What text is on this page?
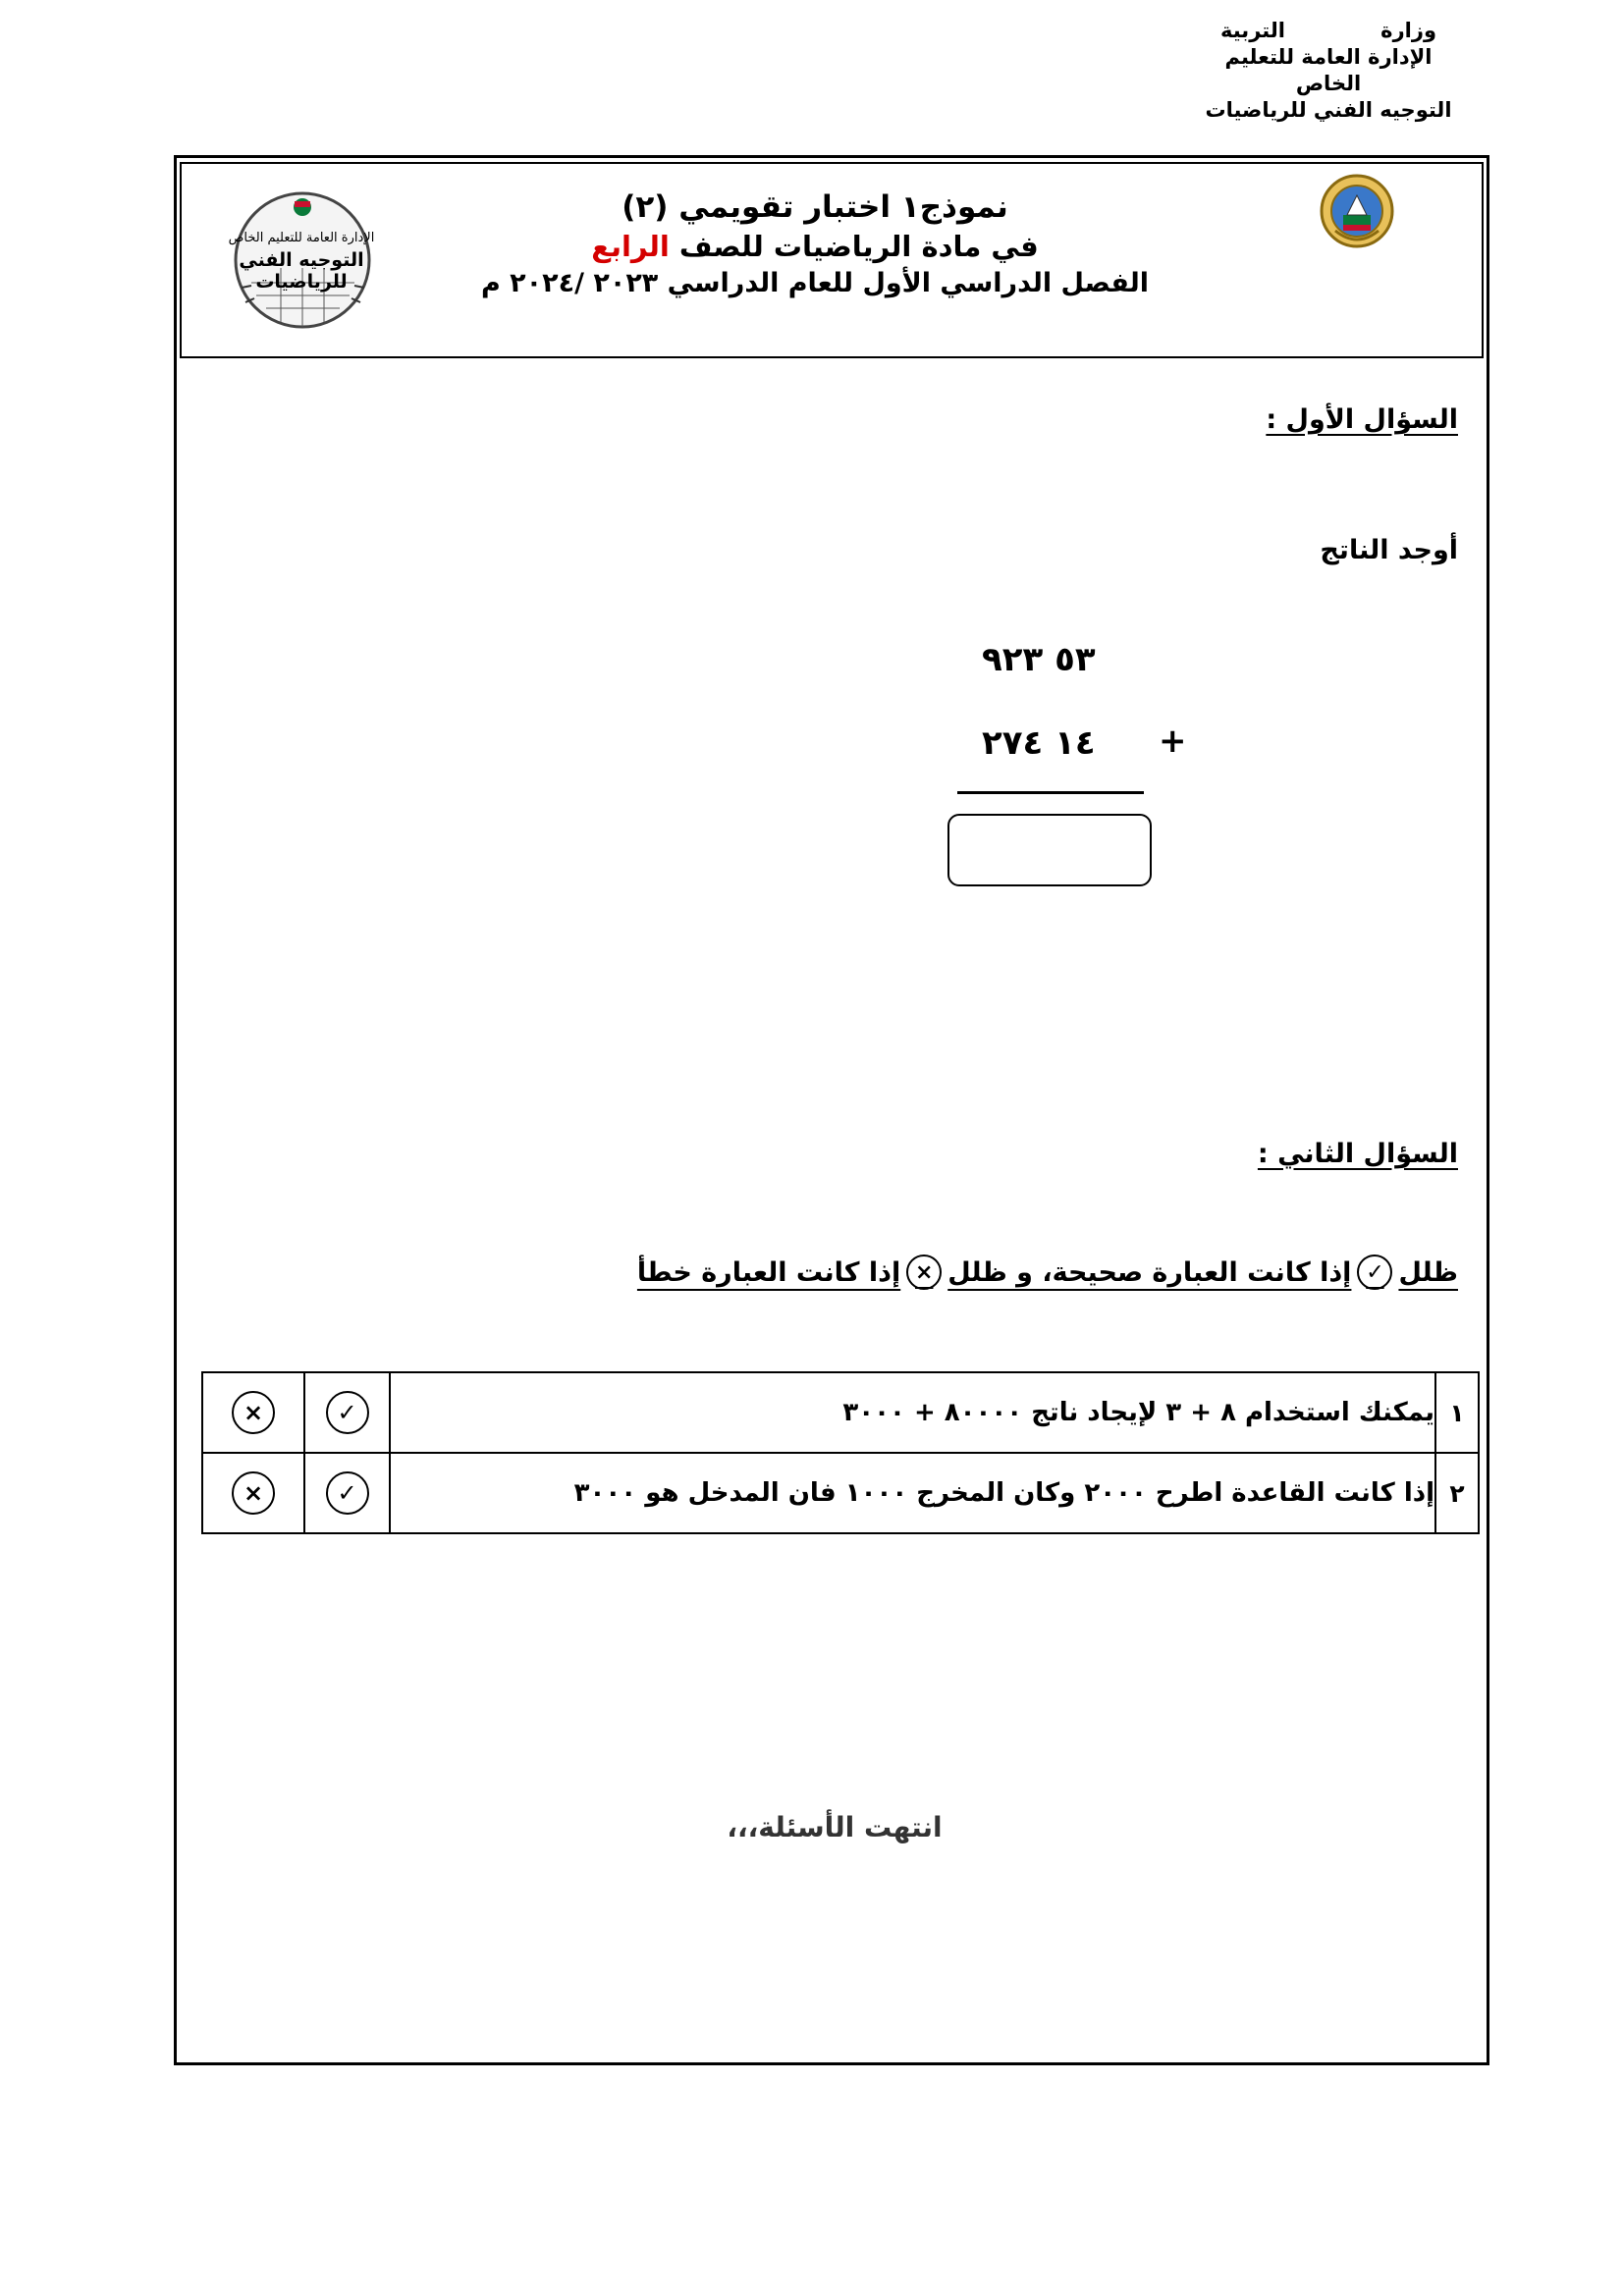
وزارة
التربية
الإدارة العامة للتعليم الخاص
التوجيه الفني للرياضيات
نموذج١ اختبار تقويمي (٢)
في مادة الرياضيات للصف الرابع
الفصل الدراسي الأول للعام الدراسي ٢٠٢٣ /٢٠٢٤ م
الإدارة العامة للتعليم الخاص
التوجيه الفني للرياضيات
السؤال الأول :
أوجد الناتج
٥٣ ٩٢٣
١٤ ٢٧٤ +
السؤال الثاني :
ظلل
✓
إذا كانت العبارة صحيحة، و ظلل
×
إذا كانت العبارة خطأ
×	✓	يمكنك استخدام ٨ + ٣ لإيجاد ناتج ٨٠٠٠٠ + ٣٠٠٠	١
×	✓	إذا كانت القاعدة اطرح ٢٠٠٠ وكان المخرج ١٠٠٠ فان المدخل هو ٣٠٠٠	٢
انتهت الأسئلة،،،
